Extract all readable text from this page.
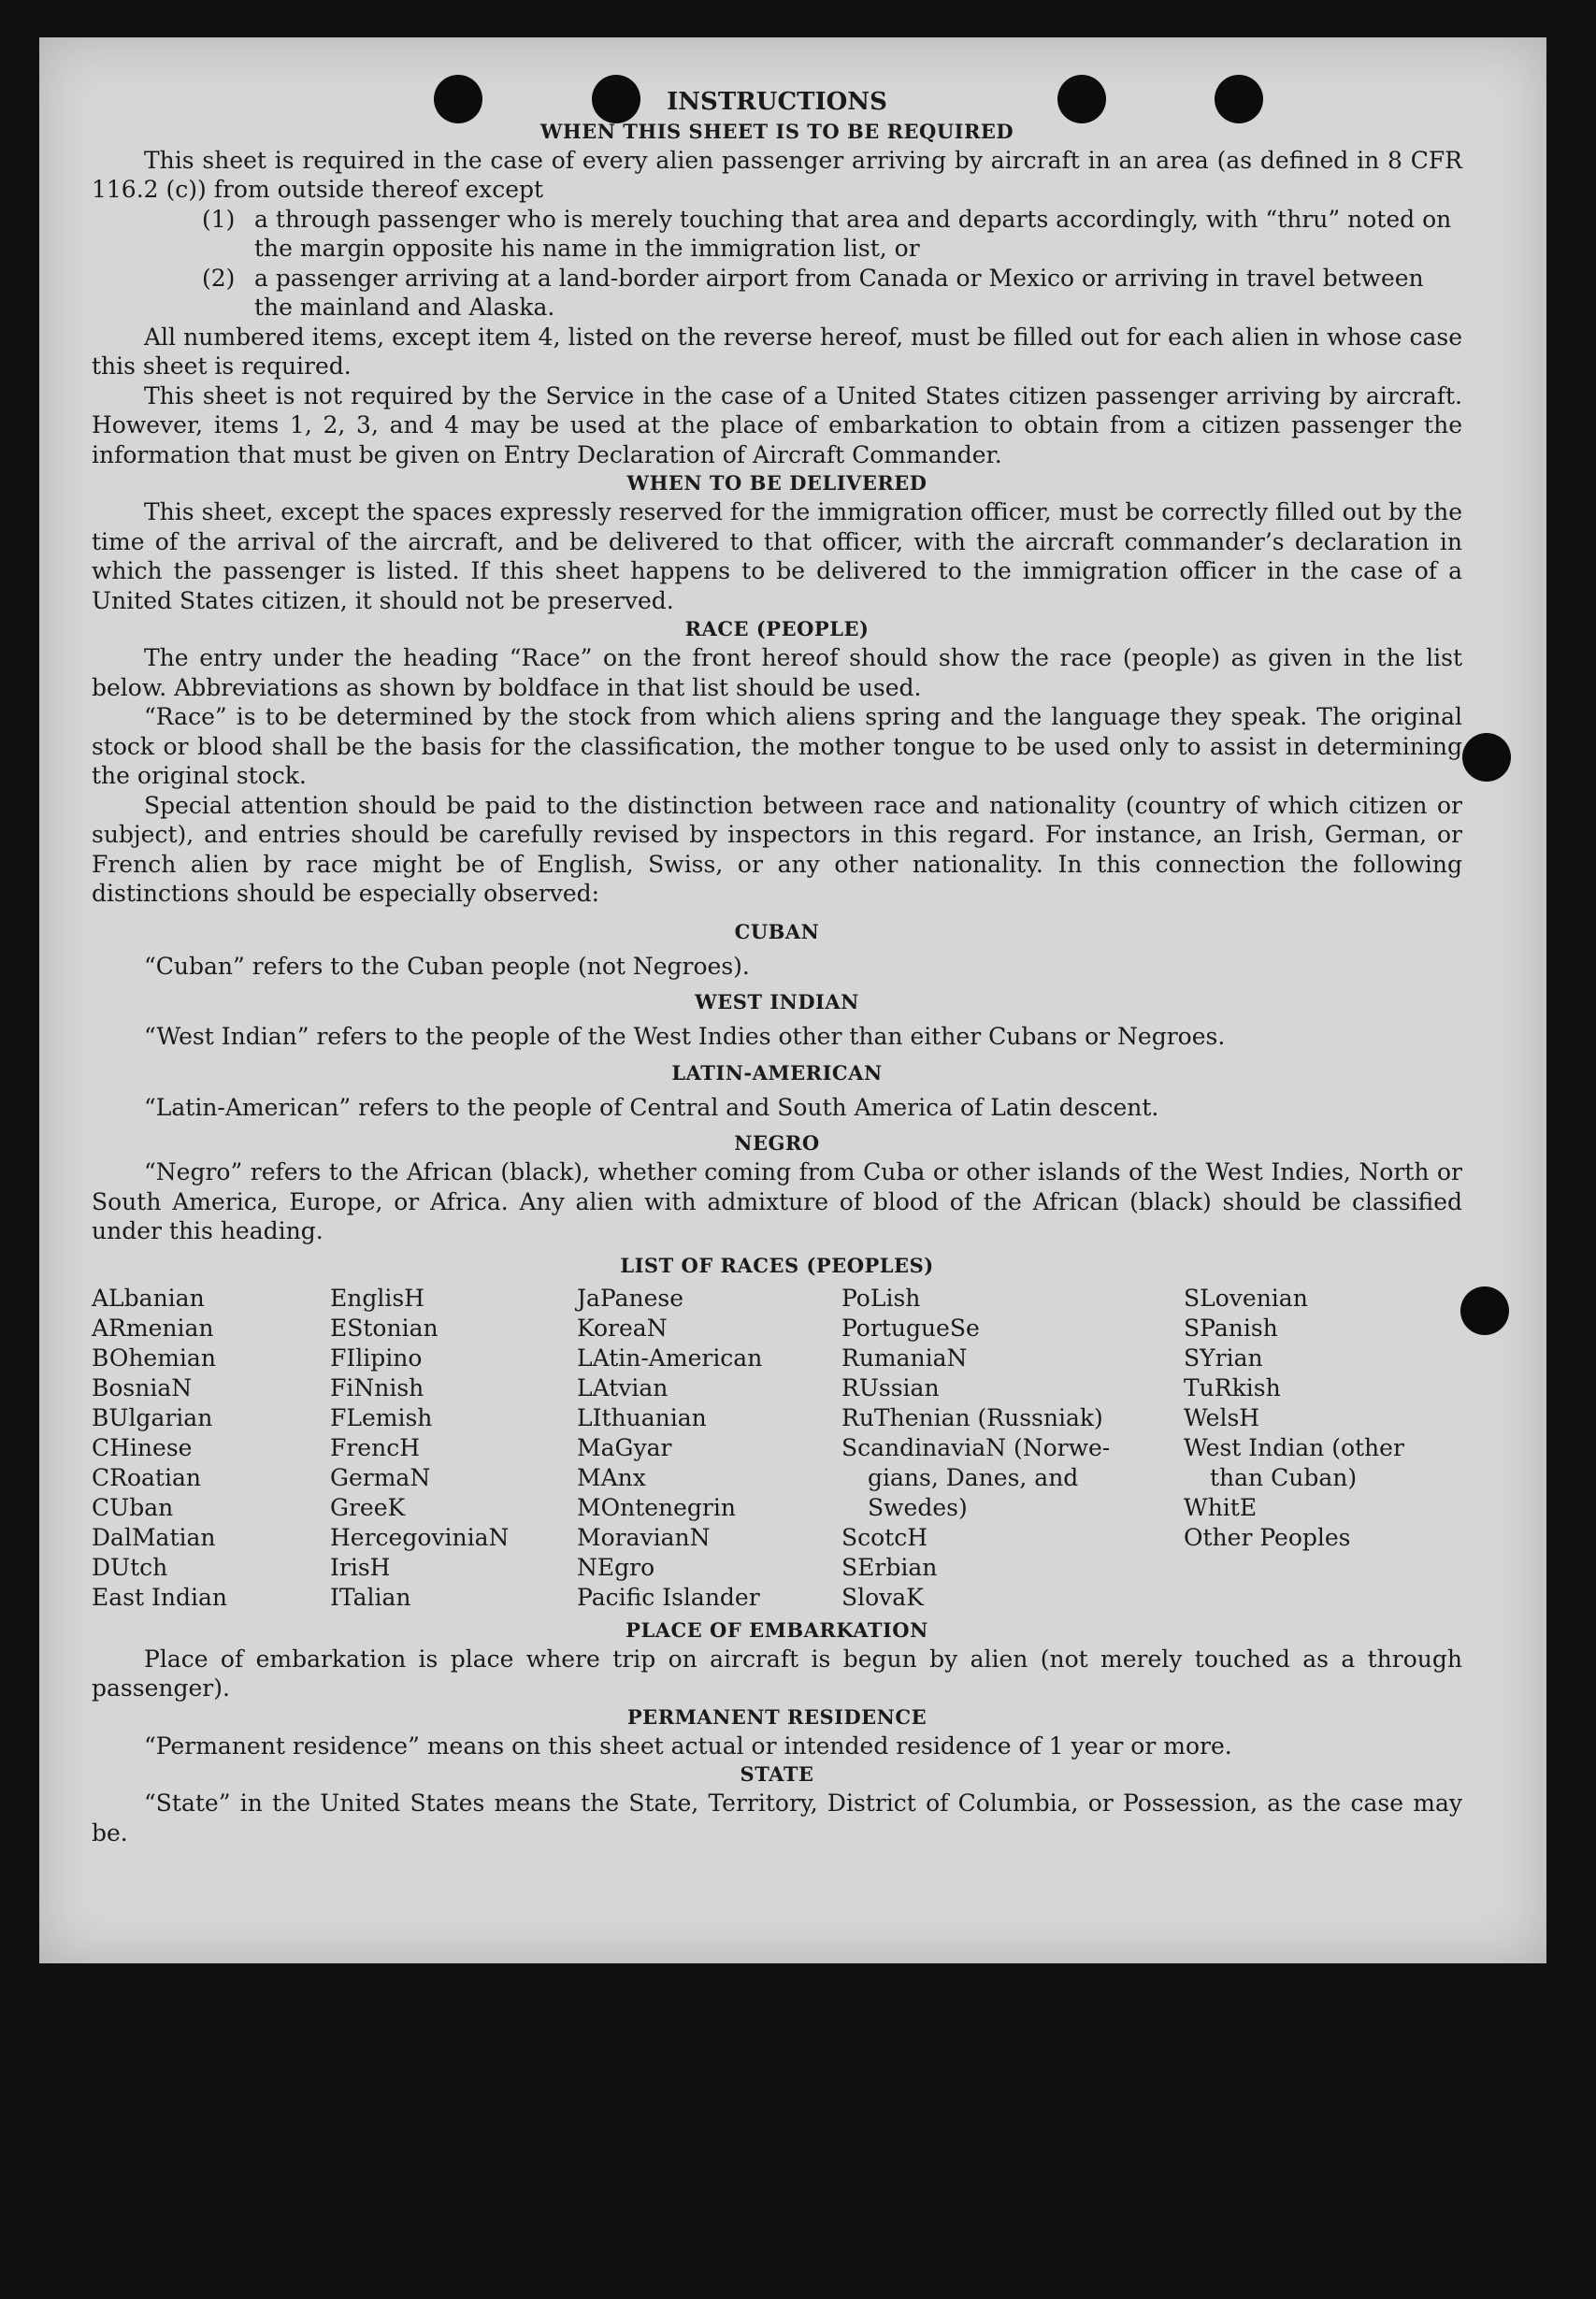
INSTRUCTIONS
WHEN THIS SHEET IS TO BE REQUIRED

This sheet is required in the case of every alien passenger arriving by aircraft in an area (as defined in 8 CFR 116.2 (c)) from outside thereof except

(1) a through passenger who is merely touching that area and departs accordingly, with “thru” noted on the margin opposite his name in the immigration list, or
(2) a passenger arriving at a land-border airport from Canada or Mexico or arriving in travel between the mainland and Alaska.

All numbered items, except item 4, listed on the reverse hereof, must be filled out for each alien in whose case this sheet is required.

This sheet is not required by the Service in the case of a United States citizen passenger arriving by aircraft. However, items 1, 2, 3, and 4 may be used at the place of embarkation to obtain from a citizen passenger the information that must be given on Entry Declaration of Aircraft Commander.

WHEN TO BE DELIVERED

This sheet, except the spaces expressly reserved for the immigration officer, must be correctly filled out by the time of the arrival of the aircraft, and be delivered to that officer, with the aircraft commander’s declaration in which the passenger is listed. If this sheet happens to be delivered to the immigration officer in the case of a United States citizen, it should not be preserved.

RACE (PEOPLE)

The entry under the heading “Race” on the front hereof should show the race (people) as given in the list below. Abbreviations as shown by boldface in that list should be used.

“Race” is to be determined by the stock from which aliens spring and the language they speak. The original stock or blood shall be the basis for the classification, the mother tongue to be used only to assist in determining the original stock.

Special attention should be paid to the distinction between race and nationality (country of which citizen or subject), and entries should be carefully revised by inspectors in this regard. For instance, an Irish, German, or French alien by race might be of English, Swiss, or any other nationality. In this connection the following distinctions should be especially observed:

CUBAN

“Cuban” refers to the Cuban people (not Negroes).

WEST INDIAN

“West Indian” refers to the people of the West Indies other than either Cubans or Negroes.

LATIN-AMERICAN

“Latin-American” refers to the people of Central and South America of Latin descent.

NEGRO

“Negro” refers to the African (black), whether coming from Cuba or other islands of the West Indies, North or South America, Europe, or Africa. Any alien with admixture of blood of the African (black) should be classified under this heading.

LIST OF RACES (PEOPLES)
ALbanian
ARmenian
BOhemian
BosniaN
BUlgarian
CHinese
CRoatian
CUban
DalMatian
DUtch
East Indian
EnglisH
EStonian
FIlipino
FiNnish
FLemish
FrencH
GermaN
GreeK
HercegoviniaN
IrisH
ITalian
JaPanese
KoreaN
LAtin-American
LAtvian
LIthuanian
MaGyar
MAnx
MOntenegrin
MoravianN
NEgro
Pacific Islander
PoLish
PortugueSe
RumaniaN
RUssian
RuThenian (Russniak)
ScandinaviaN (Norwe-
gians, Danes, and
Swedes)
ScotcH
SErbian
SlovaK
SLovenian
SPanish
SYrian
TuRkish
WelsH
West Indian (other
than Cuban)
WhitE
Other Peoples
PLACE OF EMBARKATION

Place of embarkation is place where trip on aircraft is begun by alien (not merely touched as a through passenger).

PERMANENT RESIDENCE

“Permanent residence” means on this sheet actual or intended residence of 1 year or more.

STATE

“State” in the United States means the State, Territory, District of Columbia, or Possession, as the case may be.
